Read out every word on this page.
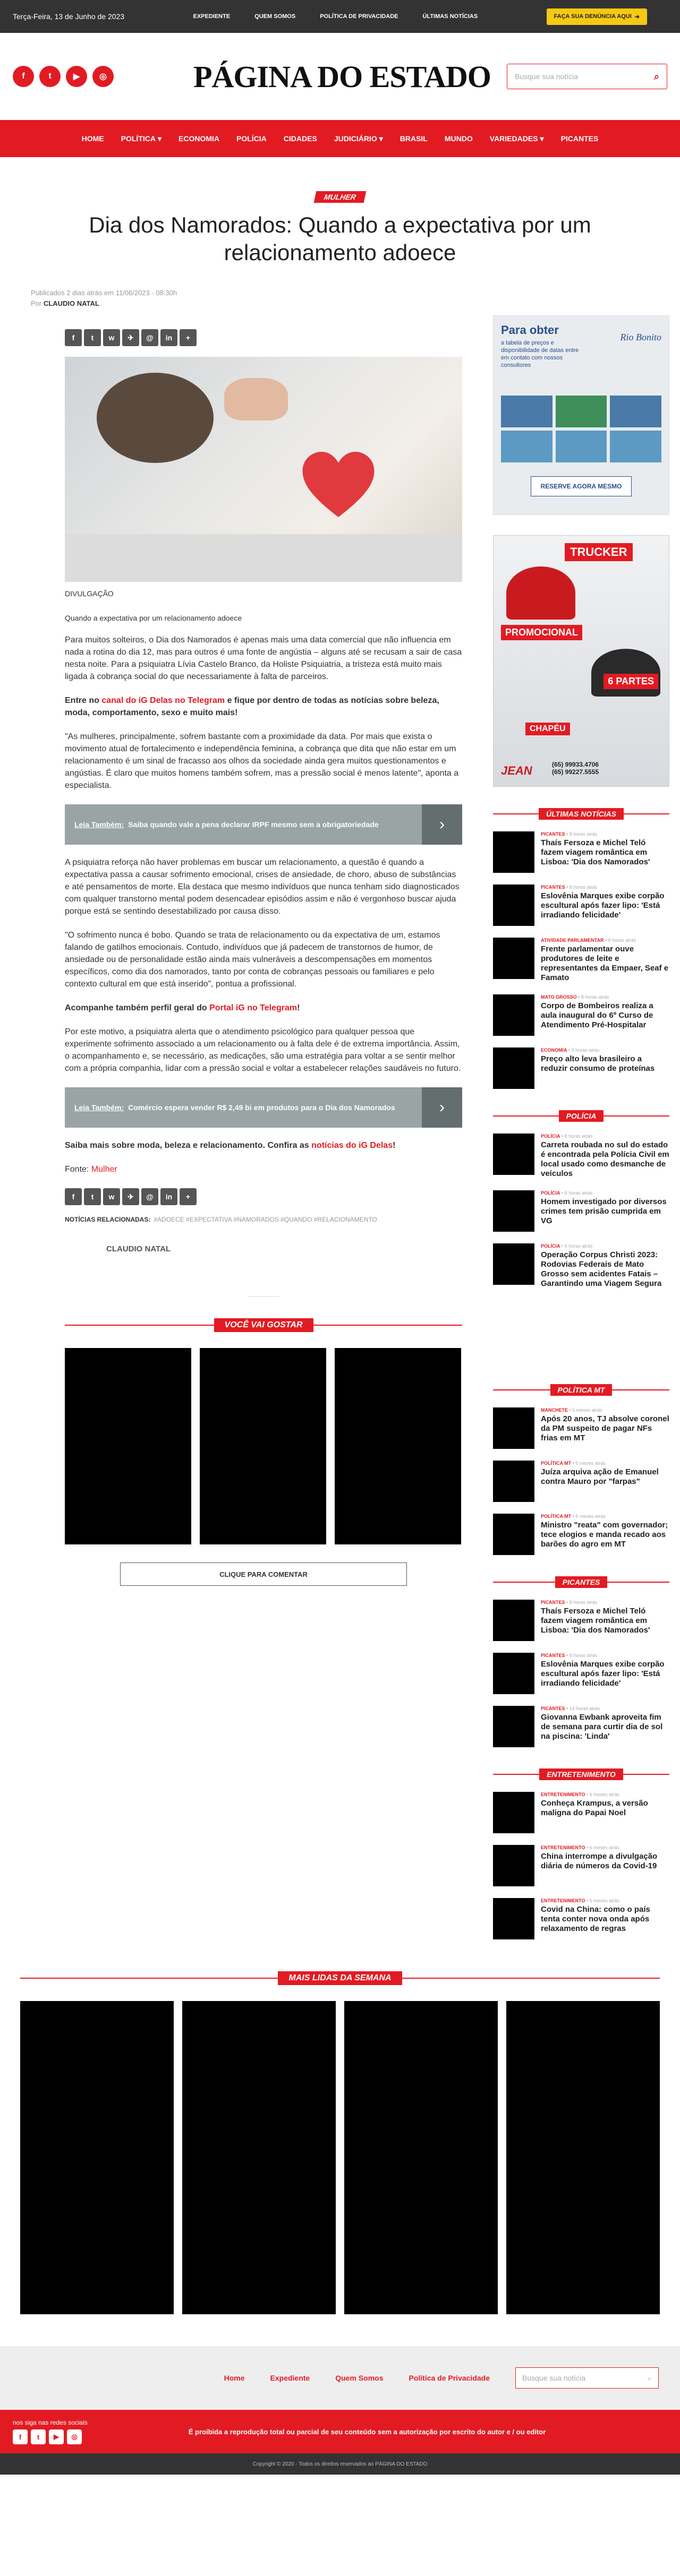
Terça-Feira, 13 de Junho de 2023	EXPEDIENTE	QUEM SOMOS	POLÍTICA DE PRIVACIDADE	ÚLTIMAS NOTÍCIAS	FAÇA SUA DENÚNCIA AQUI ➜
f	t	▶	◎	PÁGINA DO ESTADO	Busque sua notícia	⌕
HOME POLÍTICA ▾ ECONOMIA POLÍCIA CIDADES JUDICIÁRIO ▾ BRASIL MUNDO VARIEDADES ▾ PICANTES
MULHER
Dia dos Namorados: Quando a expectativa por um relacionamento adoece
Publicados 2 dias atrás em 11/06/2023 - 08:30h
Por CLAUDIO NATAL
f	t	w	✈	@	in	+
DIVULGAÇÃO
Quando a expectativa por um relacionamento adoece

Para muitos solteiros, o Dia dos Namorados é apenas mais uma data comercial que não influencia em nada a rotina do dia 12, mas para outros é uma fonte de angústia – alguns até se recusam a sair de casa nesta noite. Para a psiquiatra Lívia Castelo Branco, da Holiste Psiquiatria, a tristeza está muito mais ligada à cobrança social do que necessariamente à falta de parceiros.

Entre no canal do iG Delas no Telegram e fique por dentro de todas as notícias sobre beleza, moda, comportamento, sexo e muito mais!

"As mulheres, principalmente, sofrem bastante com a proximidade da data. Por mais que exista o movimento atual de fortalecimento e independência feminina, a cobrança que dita que não estar em um relacionamento é um sinal de fracasso aos olhos da sociedade ainda gera muitos questionamentos e angústias. É claro que muitos homens também sofrem, mas a pressão social é menos latente", aponta a especialista.

Leia Também: Saiba quando vale a pena declarar IRPF mesmo sem a obrigatoriedade	›

A psiquiatra reforça não haver problemas em buscar um relacionamento, a questão é quando a expectativa passa a causar sofrimento emocional, crises de ansiedade, de choro, abuso de substâncias e até pensamentos de morte. Ela destaca que mesmo indivíduos que nunca tenham sido diagnosticados com qualquer transtorno mental podem desencadear episódios assim e não é vergonhoso buscar ajuda porque está se sentindo desestabilizado por causa disso.

"O sofrimento nunca é bobo. Quando se trata de relacionamento ou da expectativa de um, estamos falando de gatilhos emocionais. Contudo, indivíduos que já padecem de transtornos de humor, de ansiedade ou de personalidade estão ainda mais vulneráveis a descompensações em momentos específicos, como dia dos namorados, tanto por conta de cobranças pessoais ou familiares e pelo contexto cultural em que está inserido", pontua a profissional.

Acompanhe também perfil geral do Portal iG no Telegram!

Por este motivo, a psiquiatra alerta que o atendimento psicológico para qualquer pessoa que experimente sofrimento associado a um relacionamento ou à falta dele é de extrema importância. Assim, o acompanhamento e, se necessário, as medicações, são uma estratégia para voltar a se sentir melhor com a própria companhia, lidar com a pressão social e voltar a estabelecer relações saudáveis no futuro.

Leia Também: Comércio espera vender R$ 2,49 bi em produtos para o Dia dos Namorados	›

Saiba mais sobre moda, beleza e relacionamento. Confira as notícias do iG Delas!

Fonte: Mulher

f	t	w	✈	@	in	+
NOTÍCIAS RELACIONADAS: #ADOECE #EXPECTATIVA #NAMORADOS #QUANDO #RELACIONAMENTO
CLAUDIO NATAL
VOCÊ VAI GOSTAR
CLIQUE PARA COMENTAR
Para obter
a tabela de preços e disponibilidade de datas entre em contato com nossos consultores
Rio Bonito
RESERVE AGORA MESMO
TRUCKER
PROMOCIONAL
6 PARTES
CHAPÉU
JEAN	(65) 99933.4706
(65) 99227.5555
ÚLTIMAS NOTÍCIAS
PICANTES • 8 horas atrás
Thaís Fersoza e Michel Teló fazem viagem romântica em Lisboa: 'Dia dos Namorados'
PICANTES • 8 horas atrás
Eslovênia Marques exibe corpão escultural após fazer lipo: 'Está irradiando felicidade'
ATIVIDADE PARLAMENTAR • 8 horas atrás
Frente parlamentar ouve produtores de leite e representantes da Empaer, Seaf e Famato
MATO GROSSO • 8 horas atrás
Corpo de Bombeiros realiza a aula inaugural do 6º Curso de Atendimento Pré-Hospitalar
ECONOMIA • 9 horas atrás
Preço alto leva brasileiro a reduzir consumo de proteínas
POLÍCIA
POLÍCIA • 8 horas atrás
Carreta roubada no sul do estado é encontrada pela Polícia Civil em local usado como desmanche de veículos
POLÍCIA • 8 horas atrás
Homem investigado por diversos crimes tem prisão cumprida em VG
POLÍCIA • 9 horas atrás
Operação Corpus Christi 2023: Rodovias Federais de Mato Grosso sem acidentes Fatais – Garantindo uma Viagem Segura
POLÍTICA MT
MANCHETE • 5 meses atrás
Após 20 anos, TJ absolve coronel da PM suspeito de pagar NFs frias em MT
POLÍTICA MT • 5 meses atrás
Juíza arquiva ação de Emanuel contra Mauro por "farpas"
POLÍTICA MT • 5 meses atrás
Ministro "reata" com governador; tece elogios e manda recado aos barões do agro em MT
PICANTES
PICANTES • 8 horas atrás
Thaís Fersoza e Michel Teló fazem viagem romântica em Lisboa: 'Dia dos Namorados'
PICANTES • 8 horas atrás
Eslovênia Marques exibe corpão escultural após fazer lipo: 'Está irradiando felicidade'
PICANTES • 14 horas atrás
Giovanna Ewbank aproveita fim de semana para curtir dia de sol na piscina: 'Linda'
ENTRETENIMENTO
ENTRETENIMENTO • 6 meses atrás
Conheça Krampus, a versão maligna do Papai Noel
ENTRETENIMENTO • 6 meses atrás
China interrompe a divulgação diária de números da Covid-19
ENTRETENIMENTO • 6 meses atrás
Covid na China: como o país tenta conter nova onda após relaxamento de regras
MAIS LIDAS DA SEMANA
Home	Expediente	Quem Somos	Política de Privacidade	Busque sua notícia	⌕
nos siga nas redes sociais
f	t	▶	◎
É proibida a reprodução total ou parcial de seu conteúdo sem a autorização por escrito do autor e / ou editor
Copyright © 2020 - Todos os direitos reservados ao PÁGINA DO ESTADO
